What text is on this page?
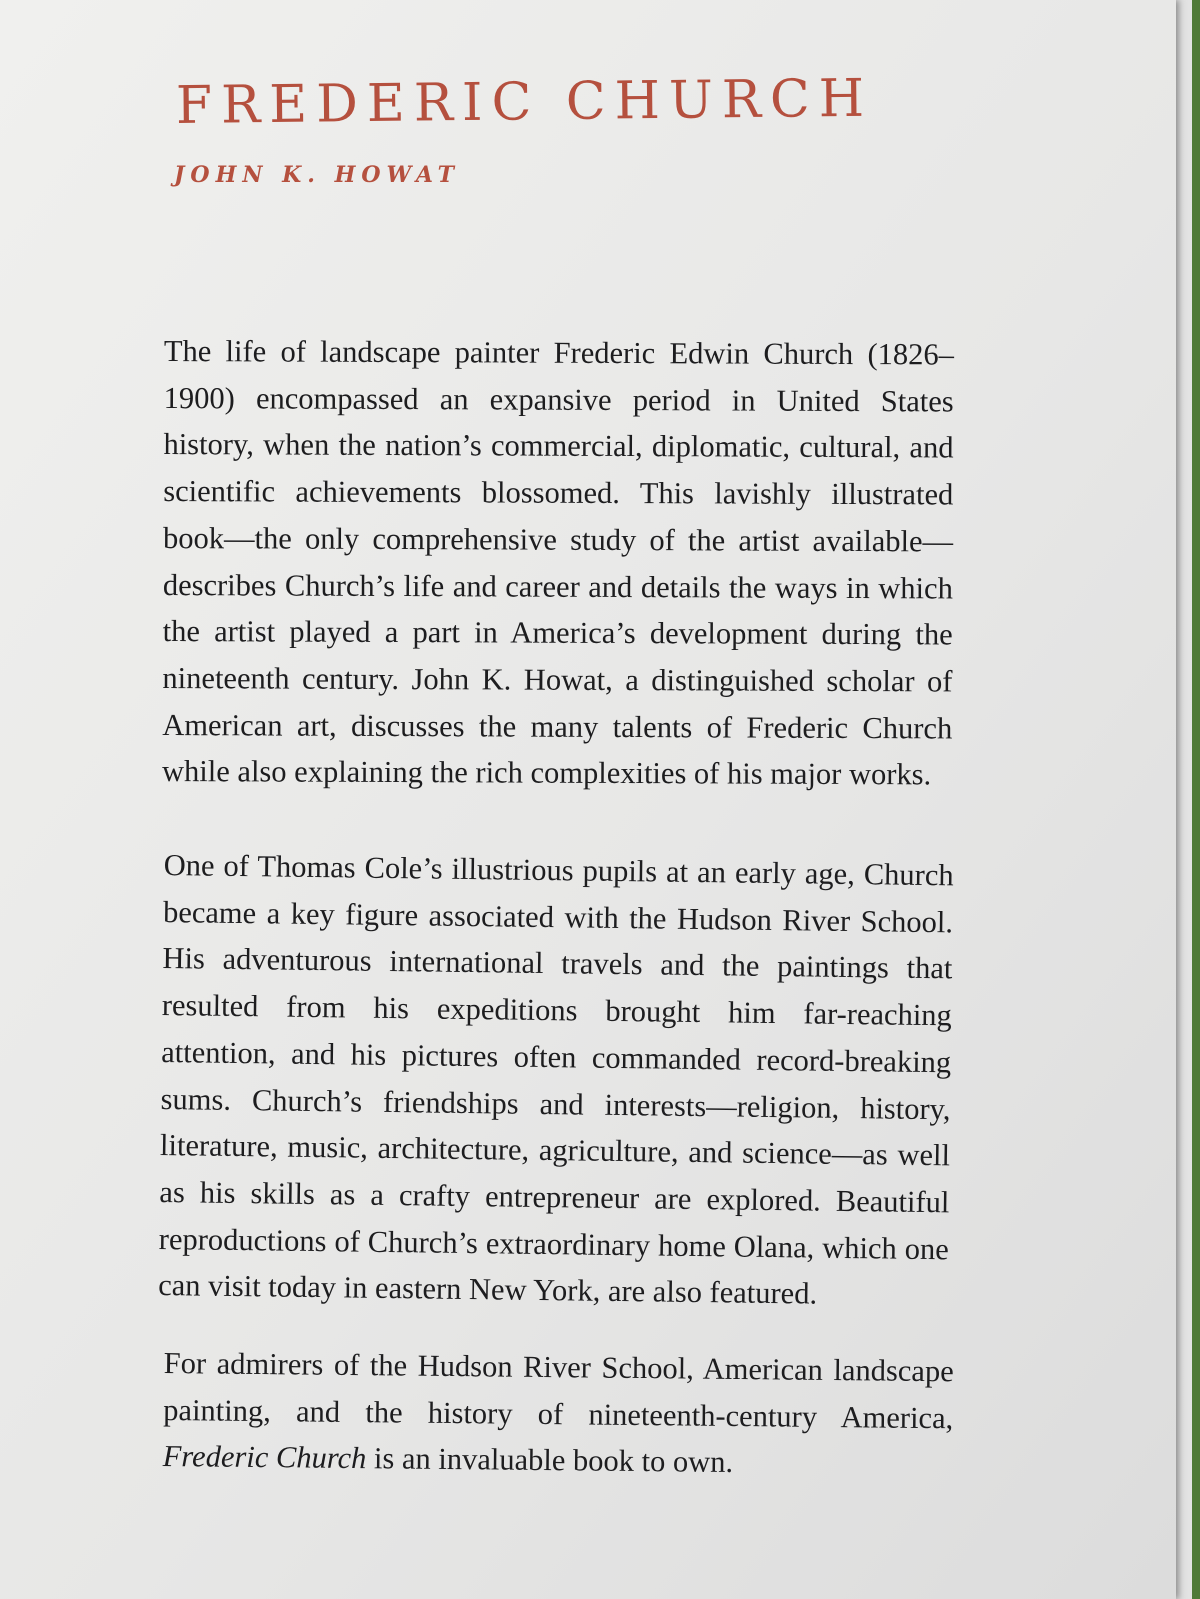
FREDERIC CHURCH
JOHN K. HOWAT

The life of landscape painter Frederic Edwin Church (1826–1900) encompassed an expansive period in United States history, when the nation’s commercial, diplomatic, cultural, and scientific achievements blossomed. This lavishly illustrated book—the only comprehensive study of the artist available—describes Church’s life and career and details the ways in which the artist played a part in America’s development during the nineteenth century. John K. Howat, a distinguished scholar of American art, discusses the many talents of Frederic Church while also explaining the rich complexities of his major works.

One of Thomas Cole’s illustrious pupils at an early age, Church became a key figure associated with the Hudson River School. His adventurous international travels and the paintings that resulted from his expeditions brought him far-reaching attention, and his pictures often commanded record-breaking sums. Church’s friendships and interests—religion, history, literature, music, architecture, agriculture, and science—as well as his skills as a crafty entrepreneur are explored. Beautiful reproductions of Church’s extraordinary home Olana, which one can visit today in eastern New York, are also featured.

For admirers of the Hudson River School, American landscape painting, and the history of nineteenth-century America, Frederic Church is an invaluable book to own.
